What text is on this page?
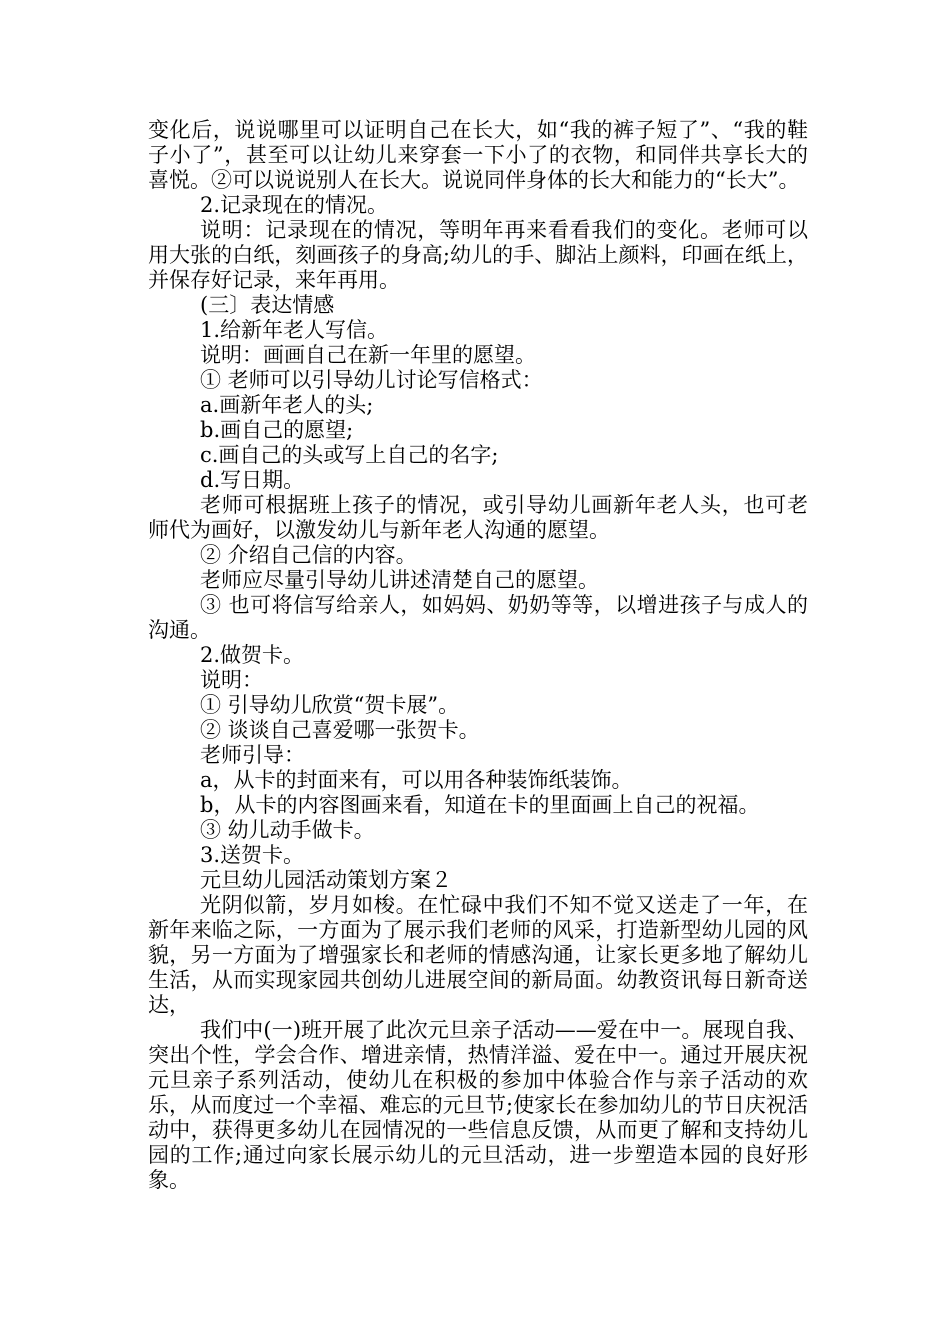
变化后，说说哪里可以证明自己在长大，如“我的裤子短了”、“我的鞋子小了”，甚至可以让幼儿来穿套一下小了的衣物，和同伴共享长大的喜悦。②可以说说别人在长大。说说同伴身体的长大和能力的“长大”。

2.记录现在的情况。

说明：记录现在的情况，等明年再来看看我们的变化。老师可以用大张的白纸，刻画孩子的身高;幼儿的手、脚沾上颜料，印画在纸上，并保存好记录，来年再用。

(三〕表达情感

1.给新年老人写信。

说明：画画自己在新一年里的愿望。

① 老师可以引导幼儿讨论写信格式：

a.画新年老人的头;

b.画自己的愿望;

c.画自己的头或写上自己的名字;

d.写日期。

老师可根据班上孩子的情况，或引导幼儿画新年老人头，也可老师代为画好，以激发幼儿与新年老人沟通的愿望。

② 介绍自己信的内容。

老师应尽量引导幼儿讲述清楚自己的愿望。

③ 也可将信写给亲人，如妈妈、奶奶等等，以增进孩子与成人的沟通。

2.做贺卡。

说明：

① 引导幼儿欣赏“贺卡展”。

② 谈谈自己喜爱哪一张贺卡。

老师引导：

a，从卡的封面来有，可以用各种装饰纸装饰。

b，从卡的内容图画来看，知道在卡的里面画上自己的祝福。

③ 幼儿动手做卡。

3.送贺卡。

元旦幼儿园活动策划方案２

光阴似箭，岁月如梭。在忙碌中我们不知不觉又送走了一年，在新年来临之际，一方面为了展示我们老师的风采，打造新型幼儿园的风貌，另一方面为了增强家长和老师的情感沟通，让家长更多地了解幼儿生活，从而实现家园共创幼儿进展空间的新局面。幼教资讯每日新奇送达，

我们中(一)班开展了此次元旦亲子活动——爱在中一。展现自我、突出个性，学会合作、增进亲情，热情洋溢、爱在中一。通过开展庆祝元旦亲子系列活动，使幼儿在积极的参加中体验合作与亲子活动的欢乐，从而度过一个幸福、难忘的元旦节;使家长在参加幼儿的节日庆祝活动中，获得更多幼儿在园情况的一些信息反馈，从而更了解和支持幼儿园的工作;通过向家长展示幼儿的元旦活动，进一步塑造本园的良好形象。
